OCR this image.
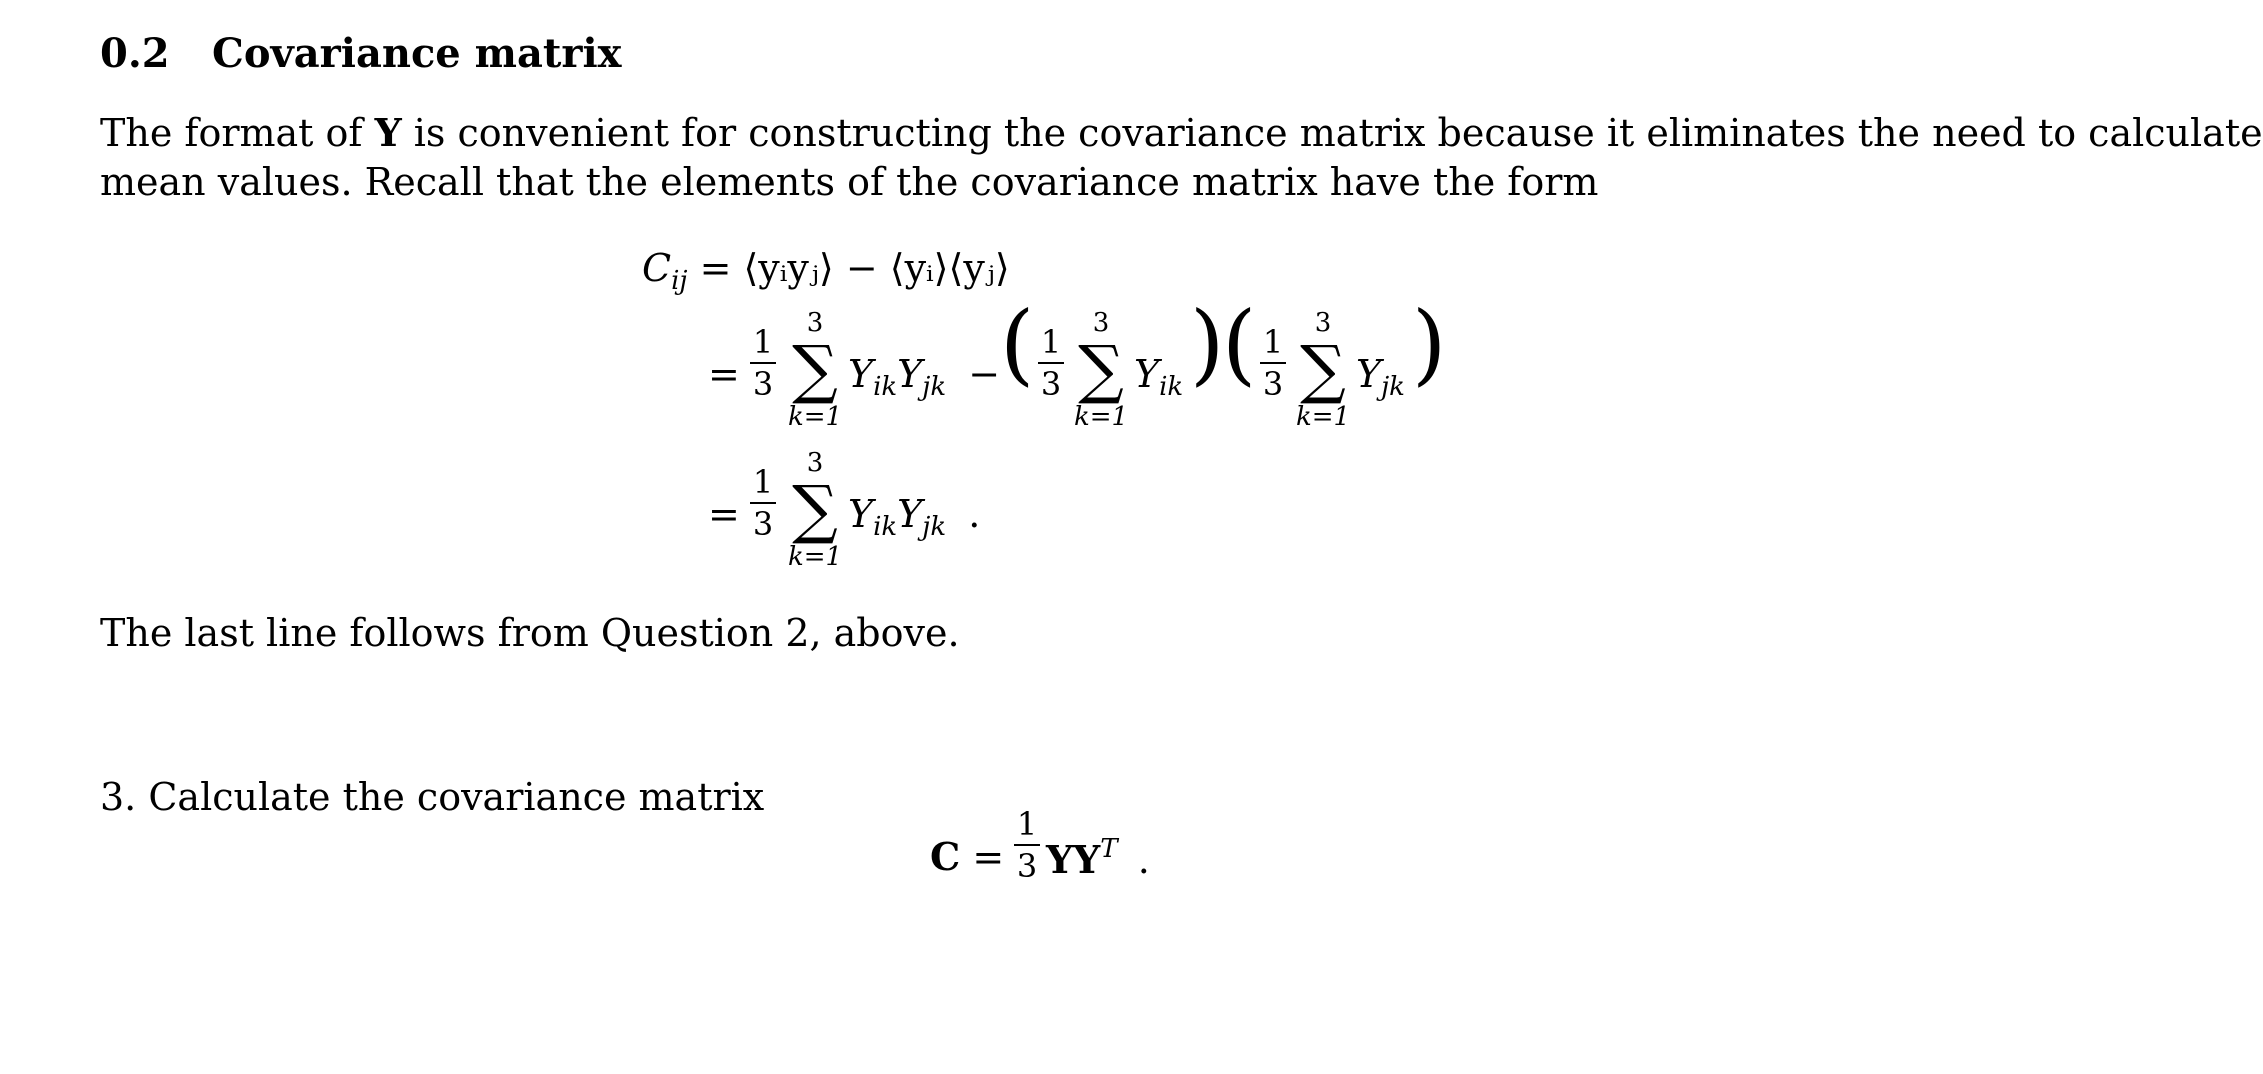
0.2 Covariance matrix
The format of Y is convenient for constructing the covariance matrix because it eliminates the need to calculate
mean values. Recall that the elements of the covariance matrix have the form
$C_{ij}$ = ⟨yᵢyⱼ⟩ − ⟨yᵢ⟩⟨yⱼ⟩
=
1
3
3
∑
k=1
$Y_{ik}Y_{jk}$ − ( 1
3
3
∑
k=1
$Y_{ik}$ )
( 1
3
3
∑
k=1
$Y_{jk}$ )
=
1
3
3
∑
k=1
$Y_{ik}Y_{jk}$ .
The last line follows from Question 2, above.
3. Calculate the covariance matrix
C =
1
3 $YY^T$ .
